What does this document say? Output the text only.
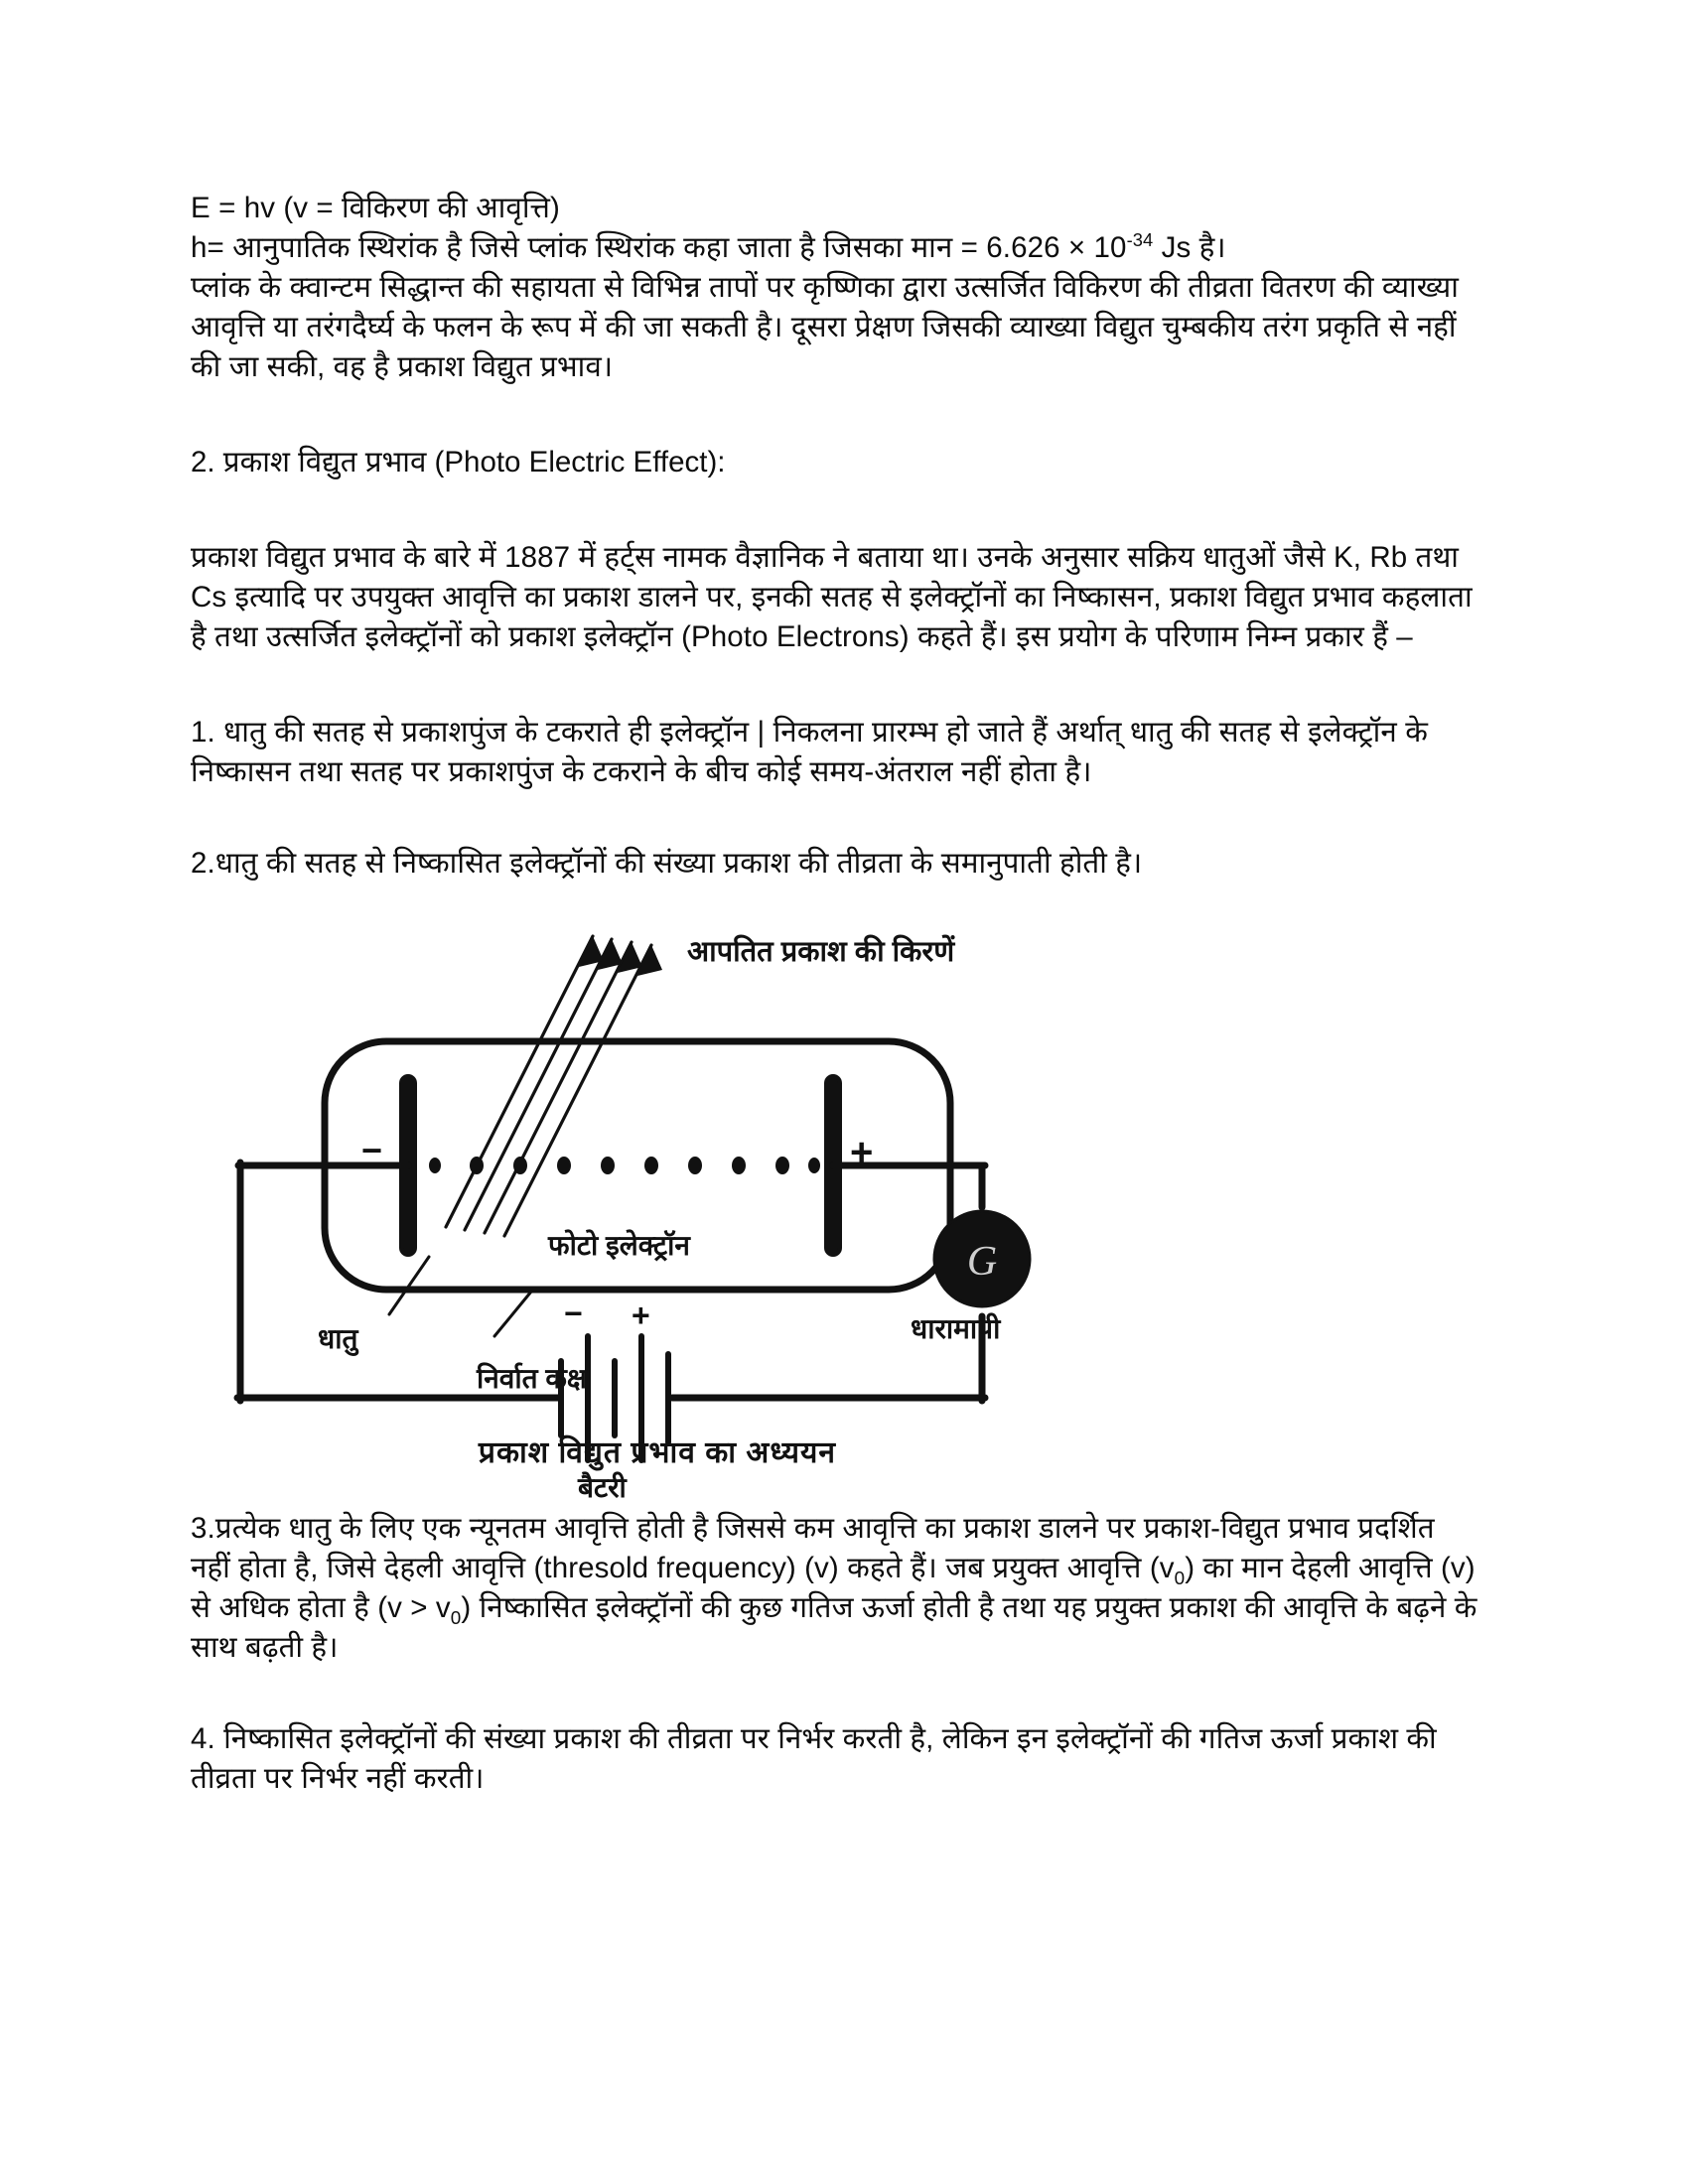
E = hv (v = विकिरण की आवृत्ति)

h= आनुपातिक स्थिरांक है जिसे प्लांक स्थिरांक कहा जाता है जिसका मान = $6.626 \times 10^{-34}$ Js है।

प्लांक के क्वान्टम सिद्धान्त की सहायता से विभिन्न तापों पर कृष्णिका द्वारा उत्सर्जित विकिरण की तीव्रता वितरण की व्याख्या आवृत्ति या तरंगदैर्घ्य के फलन के रूप में की जा सकती है। दूसरा प्रेक्षण जिसकी व्याख्या विद्युत चुम्बकीय तरंग प्रकृति से नहीं की जा सकी, वह है प्रकाश विद्युत प्रभाव।

2. प्रकाश विद्युत प्रभाव (Photo Electric Effect):

प्रकाश विद्युत प्रभाव के बारे में 1887 में हर्ट्स नामक वैज्ञानिक ने बताया था। उनके अनुसार सक्रिय धातुओं जैसे K, Rb तथा Cs इत्यादि पर उपयुक्त आवृत्ति का प्रकाश डालने पर, इनकी सतह से इलेक्ट्रॉनों का निष्कासन, प्रकाश विद्युत प्रभाव कहलाता है तथा उत्सर्जित इलेक्ट्रॉनों को प्रकाश इलेक्ट्रॉन (Photo Electrons) कहते हैं। इस प्रयोग के परिणाम निम्न प्रकार हैं –

1. धातु की सतह से प्रकाशपुंज के टकराते ही इलेक्ट्रॉन | निकलना प्रारम्भ हो जाते हैं अर्थात् धातु की सतह से इलेक्ट्रॉन के निष्कासन तथा सतह पर प्रकाशपुंज के टकराने के बीच कोई समय-अंतराल नहीं होता है।

2.धातु की सतह से निष्कासित इलेक्ट्रॉनों की संख्या प्रकाश की तीव्रता के समानुपाती होती है।

G
आपतित प्रकाश की किरणें
−	+
फोटो इलेक्ट्रॉन
धातु
निर्वात कक्ष
धारामापी
− +
बैटरी
प्रकाश विद्युत प्रभाव का अध्ययन

3.प्रत्येक धातु के लिए एक न्यूनतम आवृत्ति होती है जिससे कम आवृत्ति का प्रकाश डालने पर प्रकाश-विद्युत प्रभाव प्रदर्शित नहीं होता है, जिसे देहली आवृत्ति (thresold frequency) (v) कहते हैं। जब प्रयुक्त आवृत्ति $(v_0)$ का मान देहली आवृत्ति (v) से अधिक होता है $(v > v_0)$ निष्कासित इलेक्ट्रॉनों की कुछ गतिज ऊर्जा होती है तथा यह प्रयुक्त प्रकाश की आवृत्ति के बढ़ने के साथ बढ़ती है।

4. निष्कासित इलेक्ट्रॉनों की संख्या प्रकाश की तीव्रता पर निर्भर करती है, लेकिन इन इलेक्ट्रॉनों की गतिज ऊर्जा प्रकाश की तीव्रता पर निर्भर नहीं करती।
